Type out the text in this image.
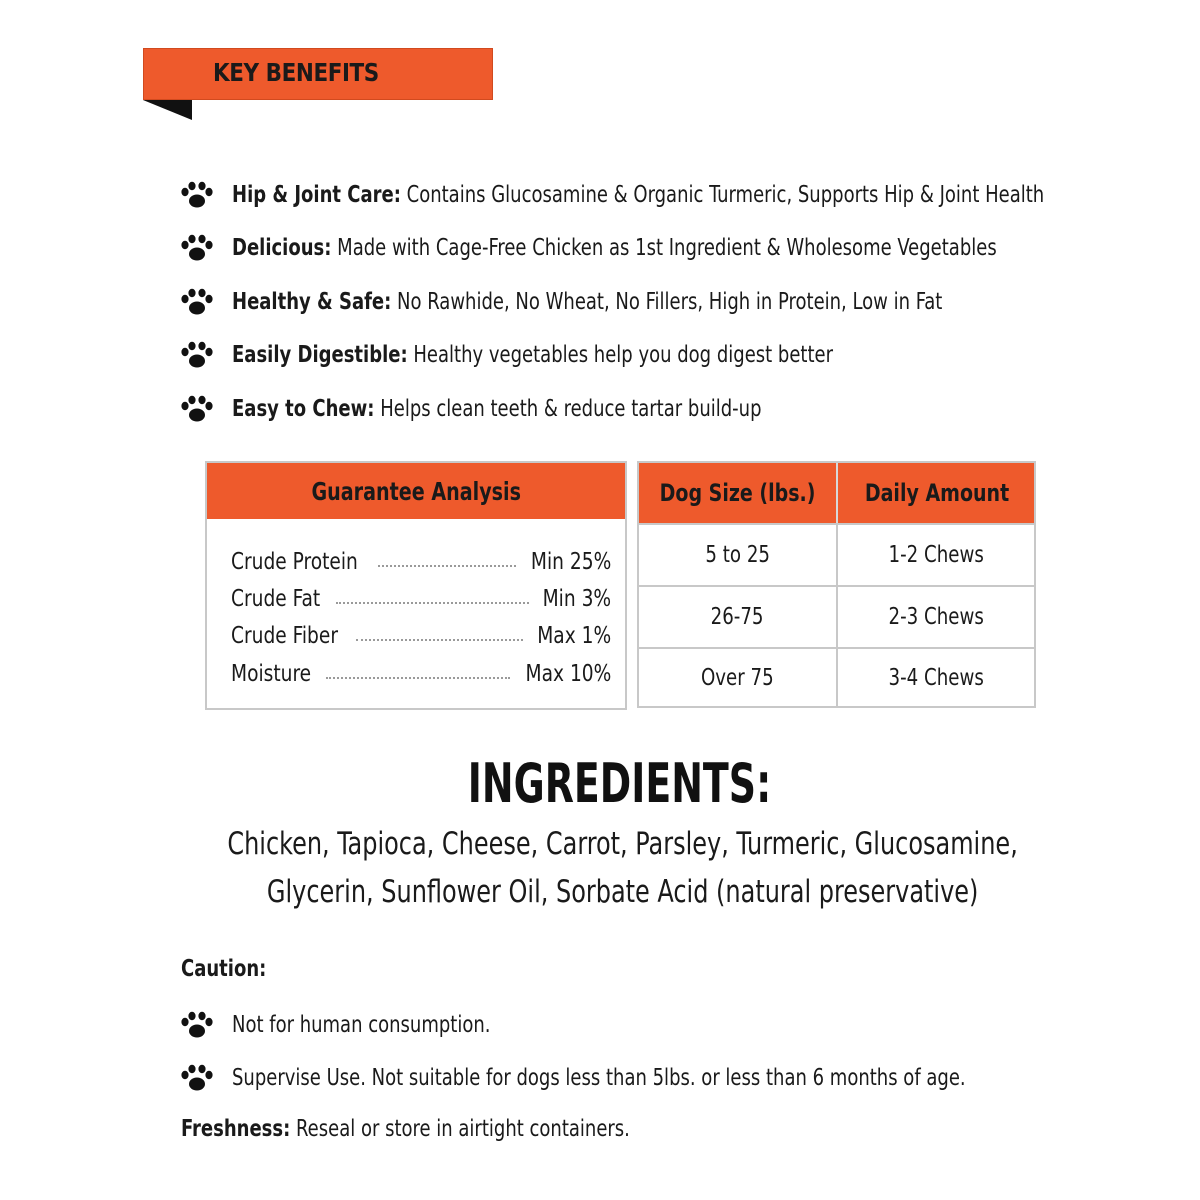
KEY BENEFITS
Hip & Joint Care: Contains Glucosamine & Organic Turmeric, Supports Hip & Joint Health
Delicious: Made with Cage-Free Chicken as 1st Ingredient & Wholesome Vegetables
Healthy & Safe: No Rawhide, No Wheat, No Fillers, High in Protein, Low in Fat
Easily Digestible: Healthy vegetables help you dog digest better
Easy to Chew: Helps clean teeth & reduce tartar build-up
Guarantee Analysis
Crude Protein	Min 25%
Crude Fat	Min 3%
Crude Fiber	Max 1%
Moisture	Max 10%
Dog Size (lbs.) Daily Amount
5 to 25	1-2 Chews
26-75	2-3 Chews
Over 75	3-4 Chews
INGREDIENTS:
Chicken, Tapioca, Cheese, Carrot, Parsley, Turmeric, Glucosamine,
Glycerin, Sunflower Oil, Sorbate Acid (natural preservative)
Caution:
Not for human consumption.
Supervise Use. Not suitable for dogs less than 5lbs. or less than 6 months of age.
Freshness: Reseal or store in airtight containers.
